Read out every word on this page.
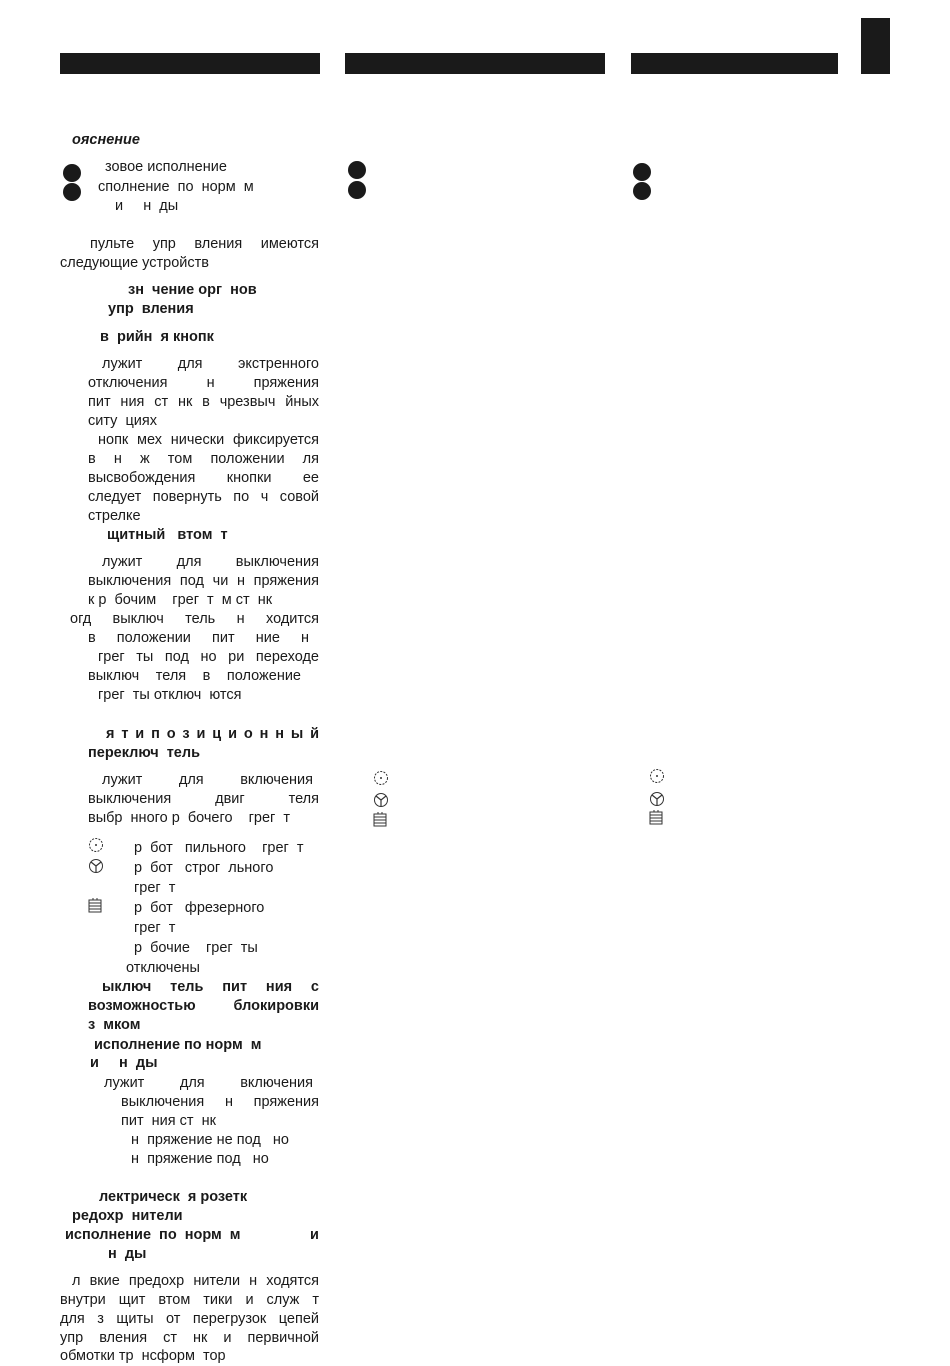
ояснение
зовое исполнение
сполнение  по  норм  м
и     н  ды
пульте упр вления имеются
следующие устройств
зн  чение орг  нов
упр  вления
в  рийн  я кнопк
лужит для экстренного
отключения н пряжения
пит ния ст нк в чрезвыч йных
ситу  циях
нопк мех нически фиксируется
в н ж том положении ля
высвобождения кнопки ее
следует повернуть по ч совой
стрелке
щитный   втом  т
лужит для выключения
выключения под чи н пряжения
к р  бочим    грег  т  м ст  нк
огд выключ тель н ходится
в положении пит ние н
грег ты под но ри переходе
выключ теля в положение
грег  ты отключ  ются
я т и п о з и ц и о н н ы й
переключ  тель
лужит для включения
выключения двиг теля
выбр  нного р  бочего    грег  т
р  бот   пильного    грег  т
р  бот   строг  льного
грег  т
р  бот   фрезерного
грег  т
р  бочие    грег  ты
отключены
ыключ тель пит ния с
возможностью блокировки
з  мком
исполнение по норм  м
и     н  ды
лужит для включения
выключения н пряжения
пит  ния ст  нк
н  пряжение не под   но
н  пряжение под   но
лектрическ  я розетк
редохр  нители
исполнение  по  норм  м	и
н  ды
л вкие предохр нители н ходятся
внутри щит втом тики и служ т
для з щиты от перегрузок цепей
упр вления ст нк и первичной
обмотки тр  нсформ  тор
